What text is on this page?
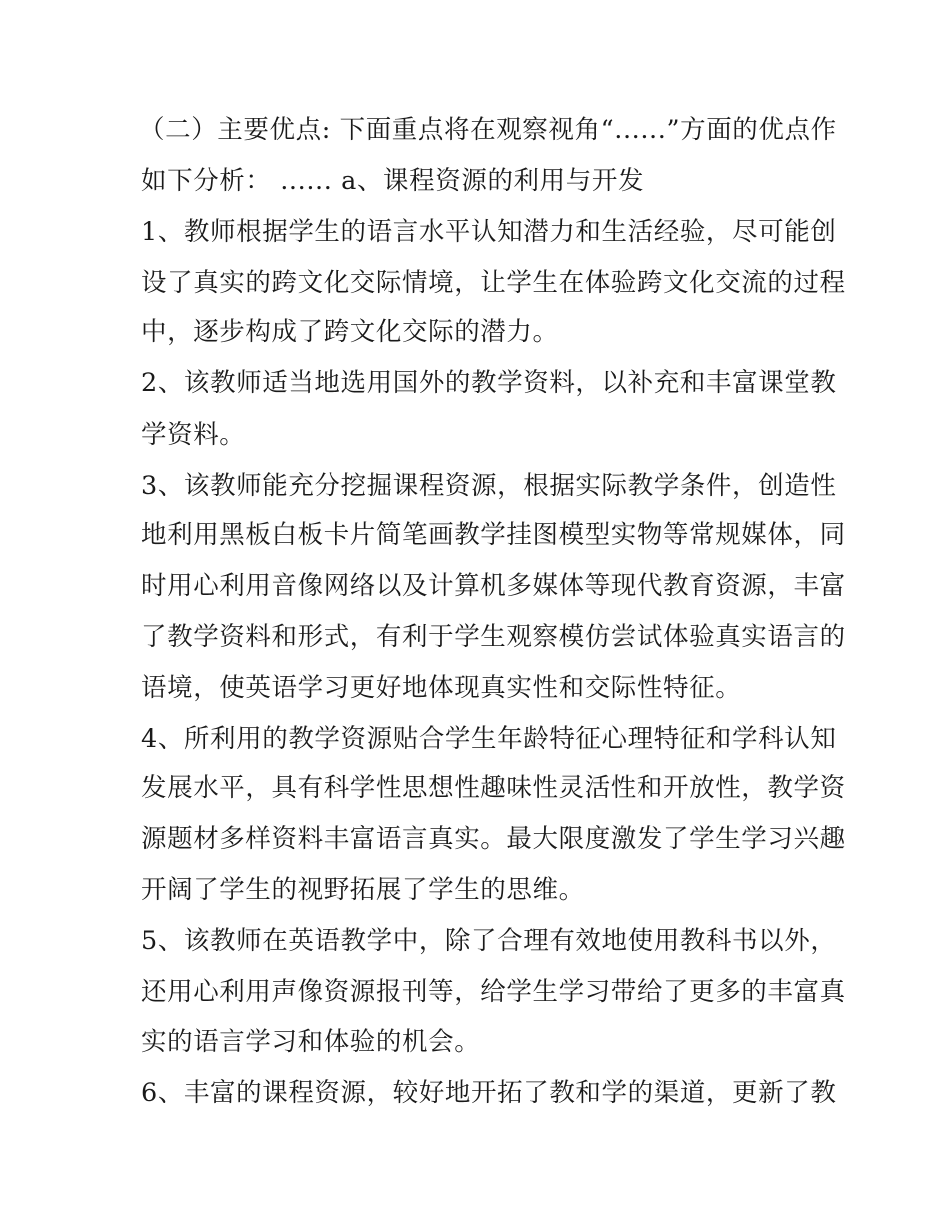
（二）主要优点: 下面重点将在观察视角“......”方面的优点作
如下分析： ...... a、课程资源的利用与开发
1、教师根据学生的语言水平认知潜力和生活经验，尽可能创
设了真实的跨文化交际情境，让学生在体验跨文化交流的过程
中，逐步构成了跨文化交际的潜力。
2、该教师适当地选用国外的教学资料，以补充和丰富课堂教
学资料。
3、该教师能充分挖掘课程资源，根据实际教学条件，创造性
地利用黑板白板卡片简笔画教学挂图模型实物等常规媒体，同
时用心利用音像网络以及计算机多媒体等现代教育资源，丰富
了教学资料和形式，有利于学生观察模仿尝试体验真实语言的
语境，使英语学习更好地体现真实性和交际性特征。
4、所利用的教学资源贴合学生年龄特征心理特征和学科认知
发展水平，具有科学性思想性趣味性灵活性和开放性，教学资
源题材多样资料丰富语言真实。最大限度激发了学生学习兴趣
开阔了学生的视野拓展了学生的思维。
5、该教师在英语教学中，除了合理有效地使用教科书以外，
还用心利用声像资源报刊等，给学生学习带给了更多的丰富真
实的语言学习和体验的机会。
6、丰富的课程资源，较好地开拓了教和学的渠道，更新了教
